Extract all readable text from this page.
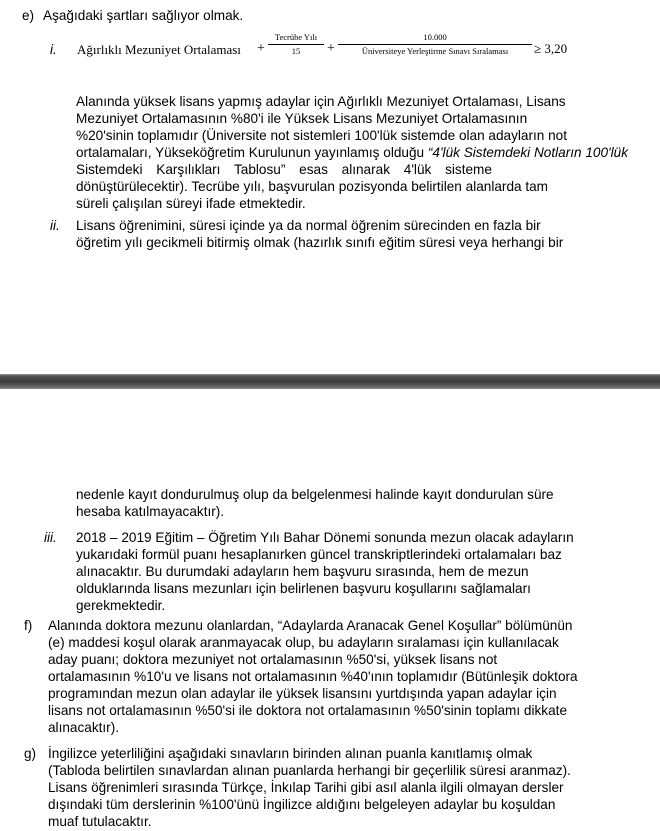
e) Aşağıdaki şartları sağlıyor olmak.
i. Ağırlıklı Mezuniyet Ortalaması +
Tecrübe Yılı
15	+
10.000
Üniversiteye Yerleştirme Sınavı Sıralaması	≥ 3,20
Alanında yüksek lisans yapmış adaylar için Ağırlıklı Mezuniyet Ortalaması, Lisans
Mezuniyet Ortalamasının %80'i ile Yüksek Lisans Mezuniyet Ortalamasının
%20'sinin toplamıdır (Üniversite not sistemleri 100'lük sistemde olan adayların not
ortalamaları, Yükseköğretim Kurulunun yayınlamış olduğu “4'lük Sistemdeki Notların 100'lük
Sistemdeki Karşılıkları Tablosu” esas alınarak 4'lük sisteme
dönüştürülecektir). Tecrübe yılı, başvurulan pozisyonda belirtilen alanlarda tam
süreli çalışılan süreyi ifade etmektedir.
ii. Lisans öğrenimini, süresi içinde ya da normal öğrenim sürecinden en fazla bir
öğretim yılı gecikmeli bitirmiş olmak (hazırlık sınıfı eğitim süresi veya herhangi bir
nedenle kayıt dondurulmuş olup da belgelenmesi halinde kayıt dondurulan süre
hesaba katılmayacaktır).
iii. 2018 – 2019 Eğitim – Öğretim Yılı Bahar Dönemi sonunda mezun olacak adayların
yukarıdaki formül puanı hesaplanırken güncel transkriptlerindeki ortalamaları baz
alınacaktır. Bu durumdaki adayların hem başvuru sırasında, hem de mezun
olduklarında lisans mezunları için belirlenen başvuru koşullarını sağlamaları
gerekmektedir.
f) Alanında doktora mezunu olanlardan, “Adaylarda Aranacak Genel Koşullar” bölümünün
(e) maddesi koşul olarak aranmayacak olup, bu adayların sıralaması için kullanılacak
aday puanı; doktora mezuniyet not ortalamasının %50'si, yüksek lisans not
ortalamasının %10'u ve lisans not ortalamasının %40'ının toplamıdır (Bütünleşik doktora
programından mezun olan adaylar ile yüksek lisansını yurtdışında yapan adaylar için
lisans not ortalamasının %50'si ile doktora not ortalamasının %50'sinin toplamı dikkate
alınacaktır).
g) İngilizce yeterliliğini aşağıdaki sınavların birinden alınan puanla kanıtlamış olmak
(Tabloda belirtilen sınavlardan alınan puanlarda herhangi bir geçerlilik süresi aranmaz).
Lisans öğrenimleri sırasında Türkçe, İnkılap Tarihi gibi asıl alanla ilgili olmayan dersler
dışındaki tüm derslerinin %100'ünü İngilizce aldığını belgeleyen adaylar bu koşuldan
muaf tutulacaktır.
